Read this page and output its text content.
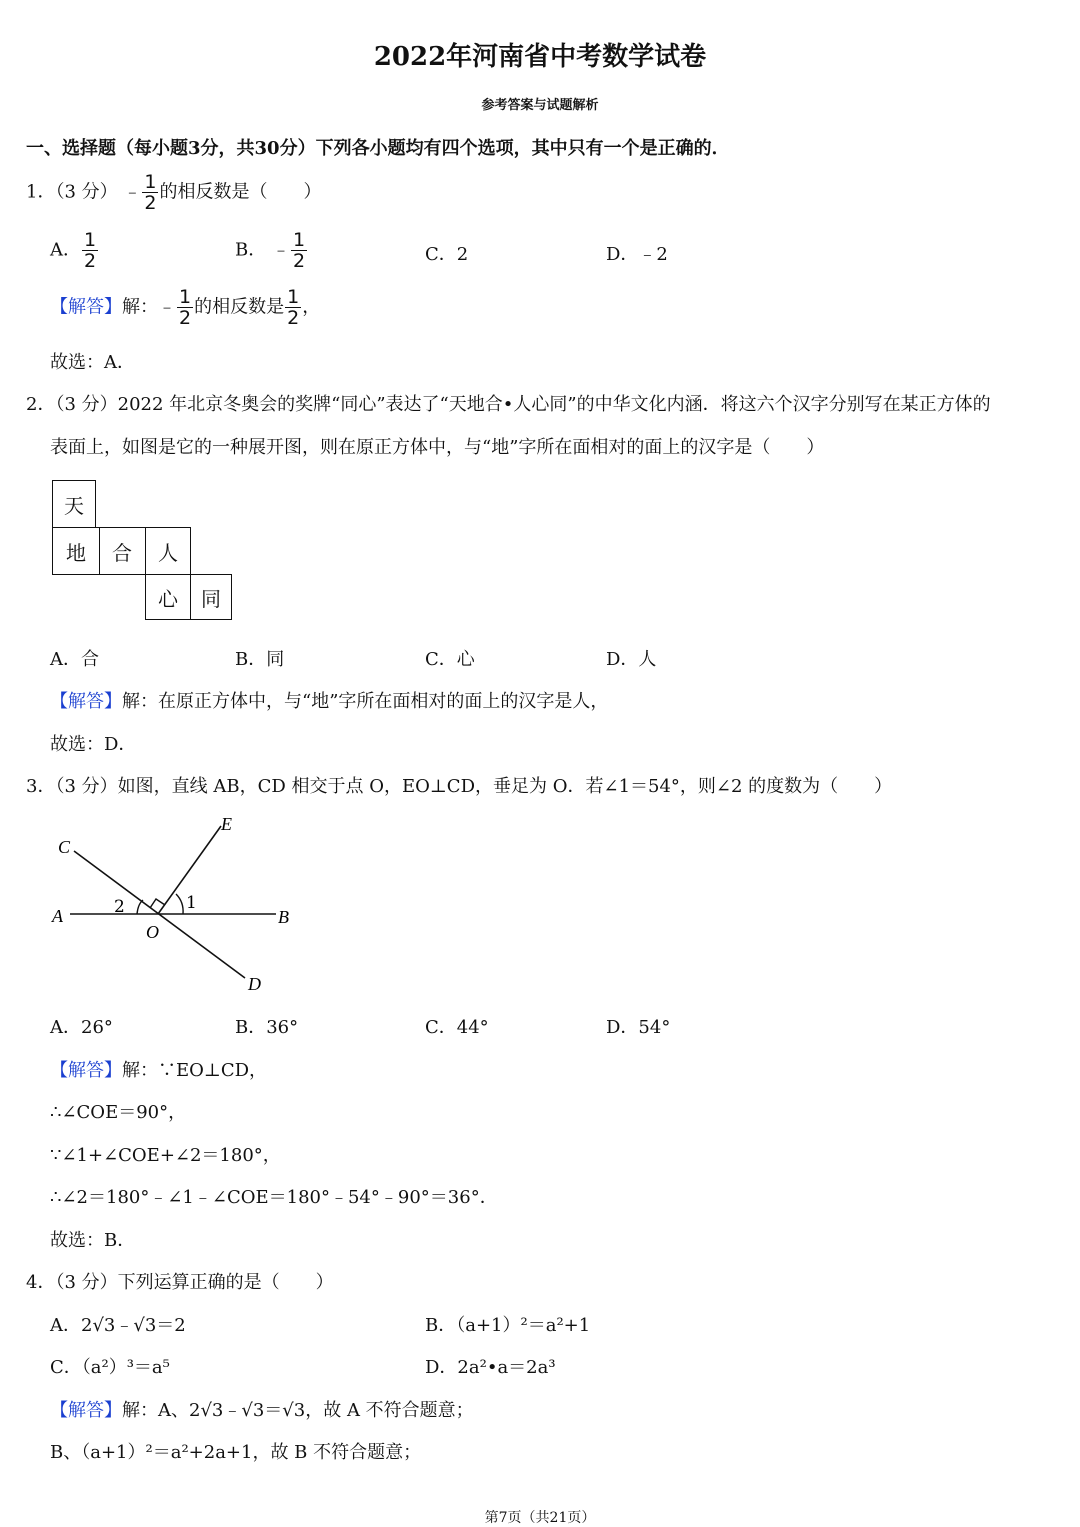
2022年河南省中考数学试卷
参考答案与试题解析
一、选择题（每小题3分，共30分）下列各小题均有四个选项，其中只有一个是正确的．
1．（3 分） ﹣ $\frac{1}{2}$ 的相反数是（　　）
A． $\frac{1}{2}$	B． ﹣ $\frac{1}{2}$	C．2	D．﹣2
【解答】解：﹣ $\frac{1}{2}$ 的相反数是 $\frac{1}{2}$ ，
故选：A．
2．（3 分）2022 年北京冬奥会的奖牌“同心”表达了“天地合•人心同”的中华文化内涵．将这六个汉字分别写在某正方体的
表面上，如图是它的一种展开图，则在原正方体中，与“地”字所在面相对的面上的汉字是（　　）
天
地	合	人
心	同
A．合	B．同	C．心	D．人
【解答】解：在原正方体中，与“地”字所在面相对的面上的汉字是人，
故选：D．
3．（3 分）如图，直线 AB，CD 相交于点 O，EO⊥CD，垂足为 O．若∠1＝54°，则∠2 的度数为（　　）
C
E
A	B
O
D
1
2
A．26°	B．36°	C．44°	D．54°
【解答】解：∵EO⊥CD，
∴∠COE＝90°，
∵∠1+∠COE+∠2＝180°，
∴∠2＝180°﹣∠1﹣∠COE＝180°﹣54°﹣90°＝36°．
故选：B．
4．（3 分）下列运算正确的是（　　）
A．2√3﹣√3＝2	B．（a+1）²＝a²+1
C．（a²）³＝a⁵	D．2a²•a＝2a³
【解答】解：A、2√3﹣√3＝√3，故 A 不符合题意；
B、（a+1）²＝a²+2a+1，故 B 不符合题意；
第7页（共21页）
